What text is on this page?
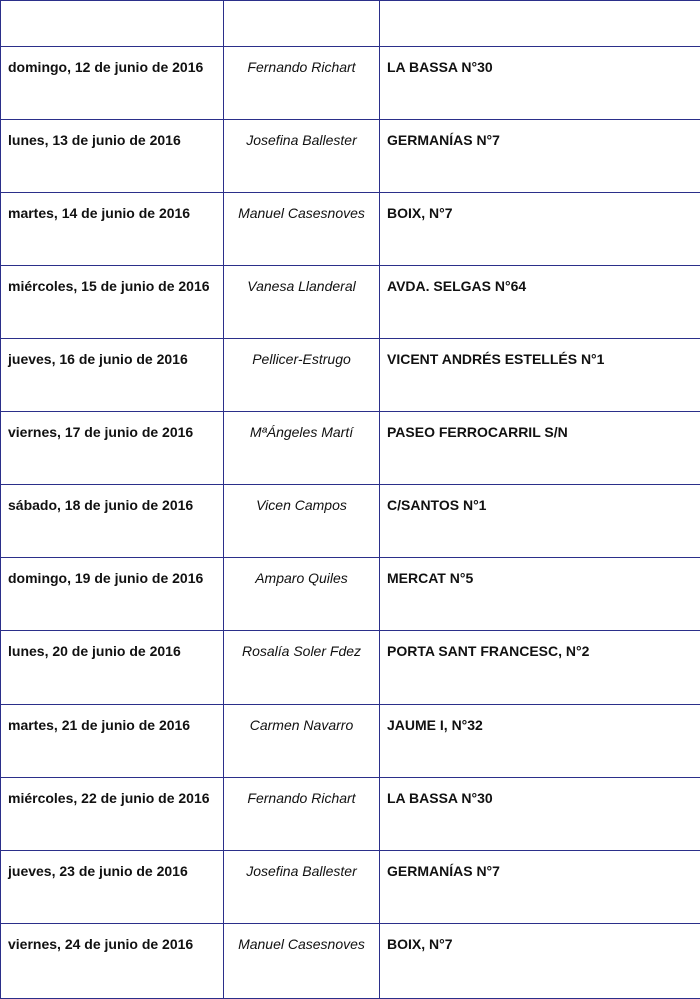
domingo, 12 de junio de 2016	Fernando Richart	LA BASSA N°30

lunes, 13 de junio de 2016	Josefina Ballester	GERMANÍAS N°7

martes, 14 de junio de 2016	Manuel Casesnoves	BOIX, N°7

miércoles, 15 de junio de 2016	Vanesa Llanderal	AVDA. SELGAS N°64

jueves, 16 de junio de 2016	Pellicer-Estrugo	VICENT ANDRÉS ESTELLÉS N°1

viernes, 17 de junio de 2016	MªÁngeles Martí	PASEO FERROCARRIL S/N

sábado, 18 de junio de 2016	Vicen Campos	C/SANTOS N°1

domingo, 19 de junio de 2016	Amparo Quiles	MERCAT N°5

lunes, 20 de junio de 2016	Rosalía Soler Fdez	PORTA SANT FRANCESC, N°2

martes, 21 de junio de 2016	Carmen Navarro	JAUME I, N°32

miércoles, 22 de junio de 2016	Fernando Richart	LA BASSA N°30

jueves, 23 de junio de 2016	Josefina Ballester	GERMANÍAS N°7

viernes, 24 de junio de 2016	Manuel Casesnoves	BOIX, N°7
